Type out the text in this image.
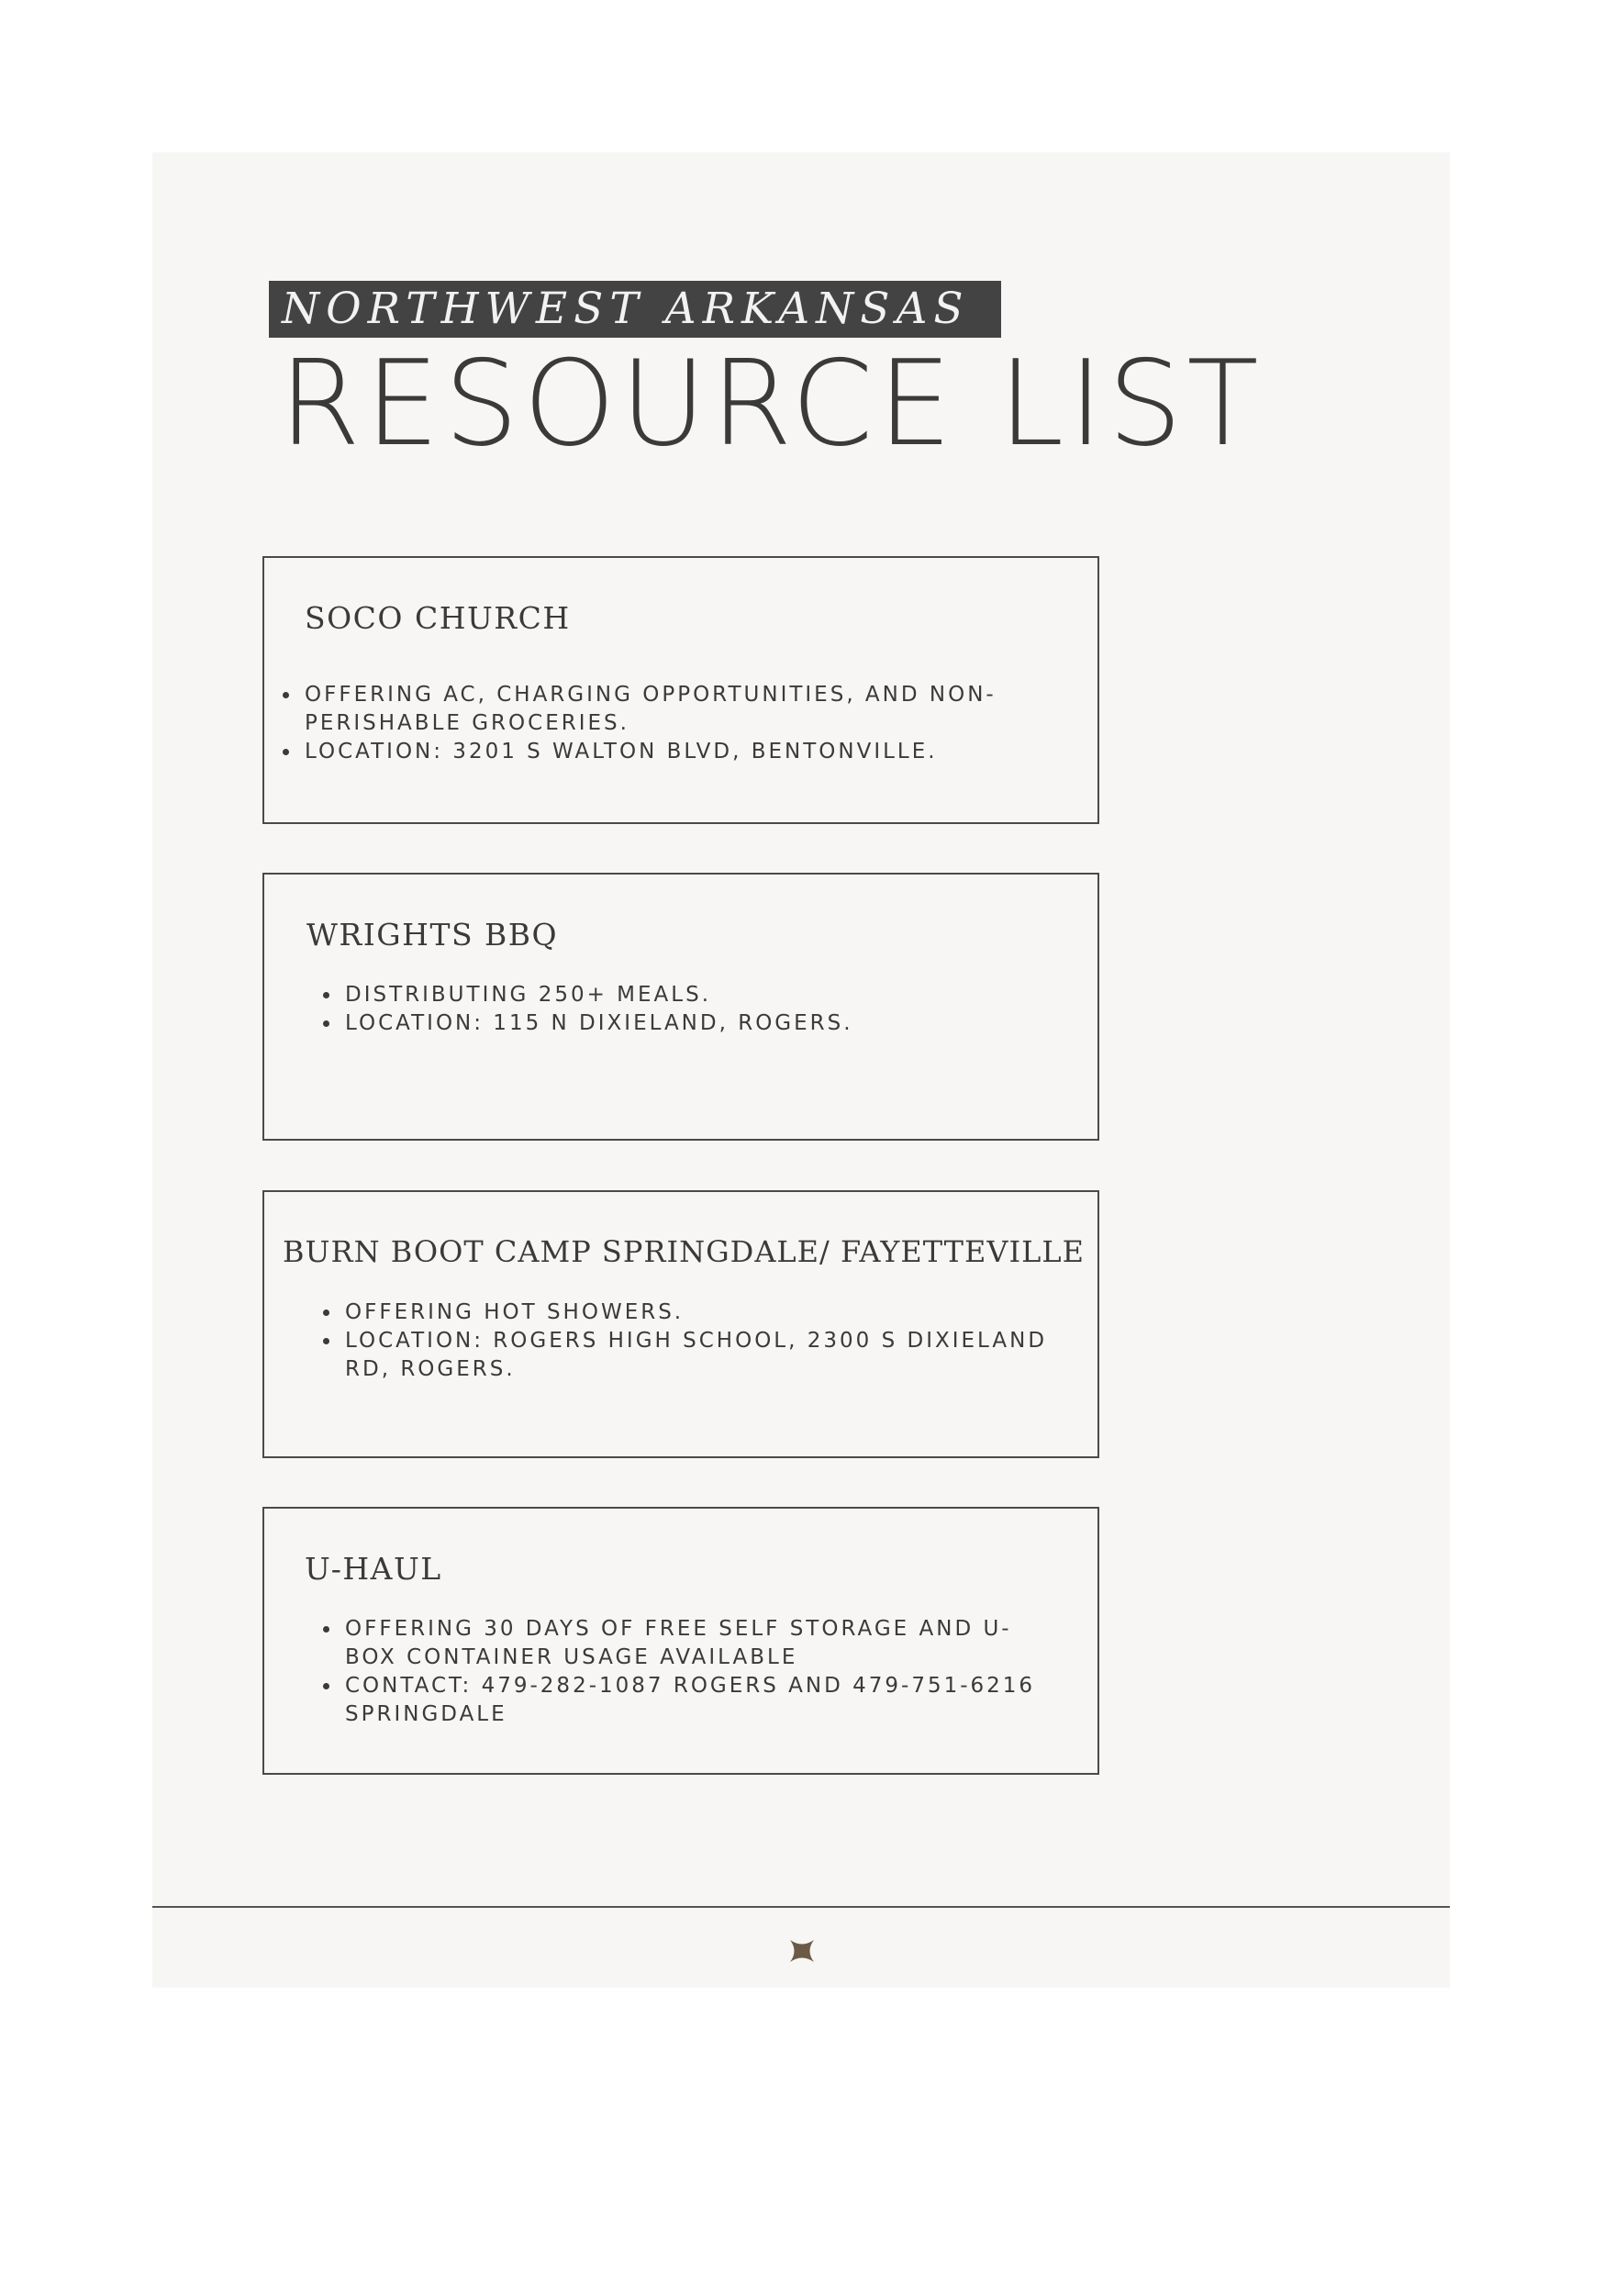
NORTHWEST ARKANSAS
RESOURCE LIST
SOCO CHURCH
OFFERING AC, CHARGING OPPORTUNITIES, AND NON-PERISHABLE GROCERIES.
LOCATION: 3201 S WALTON BLVD, BENTONVILLE.
WRIGHTS BBQ
DISTRIBUTING 250+ MEALS.
LOCATION: 115 N DIXIELAND, ROGERS.
BURN BOOT CAMP SPRINGDALE/ FAYETTEVILLE
OFFERING HOT SHOWERS.
LOCATION: ROGERS HIGH SCHOOL, 2300 S DIXIELAND RD, ROGERS.
U-HAUL
OFFERING 30 DAYS OF FREE SELF STORAGE AND U-BOX CONTAINER USAGE AVAILABLE
CONTACT: 479-282-1087 ROGERS AND 479-751-6216 SPRINGDALE
